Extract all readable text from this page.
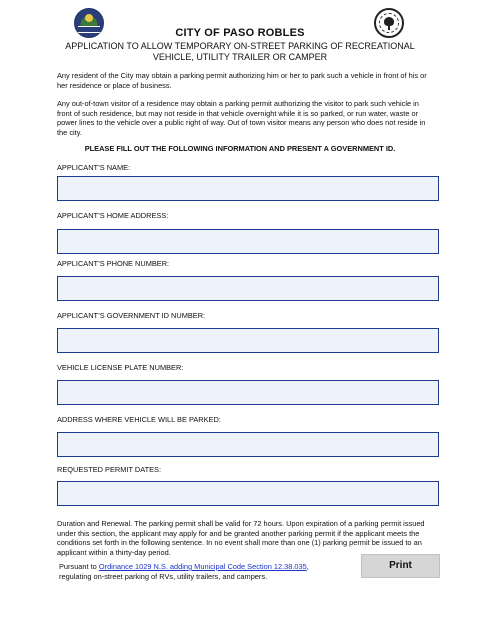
CITY OF PASO ROBLES
APPLICATION TO ALLOW TEMPORARY ON-STREET PARKING OF RECREATIONAL
VEHICLE, UTILITY TRAILER OR CAMPER

Any resident of the City may obtain a parking permit authorizing him or her to park such a vehicle in front of his or her residence or place of business.

Any out-of-town visitor of a residence may obtain a parking permit authorizing the visitor to park such vehicle in front of such residence, but may not reside in that vehicle overnight while it is so parked, or run water, waste or power lines to the vehicle over a public right of way. Out of town visitor means any person who does not reside in the city.

PLEASE FILL OUT THE FOLLOWING INFORMATION AND PRESENT A GOVERNMENT ID.
APPLICANT’S NAME:
APPLICANT’S HOME ADDRESS:
APPLICANT’S PHONE NUMBER:
APPLICANT’S GOVERNMENT ID NUMBER:
VEHICLE LICENSE PLATE NUMBER:
ADDRESS WHERE VEHICLE WILL BE PARKED:
REQUESTED PERMIT DATES:

Duration and Renewal. The parking permit shall be valid for 72 hours. Upon expiration of a parking permit issued under this section, the applicant may apply for and be granted another parking permit if the applicant meets the conditions set forth in the following sentence. In no event shall more than one (1) parking permit be issued to an applicant within a thirty-day period.

Pursuant to Ordinance 1029 N.S. adding Municipal Code Section 12.38.035,
regulating on-street parking of RVs, utility trailers, and campers.
Print
